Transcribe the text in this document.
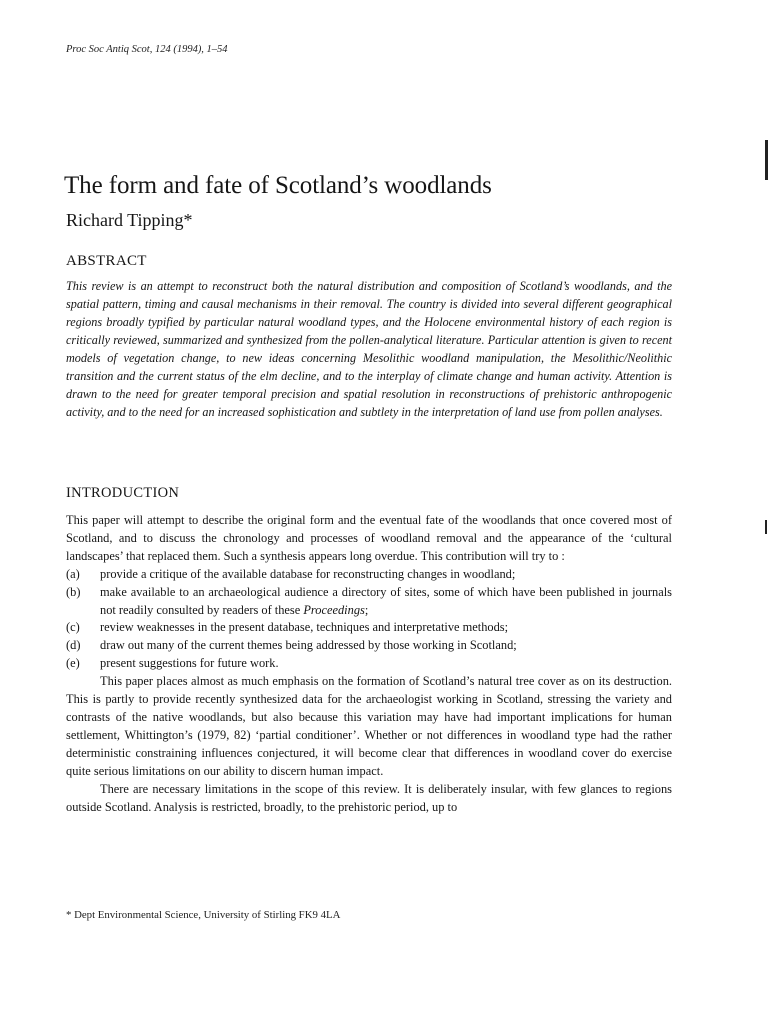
Proc Soc Antiq Scot, 124 (1994), 1–54
The form and fate of Scotland’s woodlands
Richard Tipping*
ABSTRACT

This review is an attempt to reconstruct both the natural distribution and composition of Scotland’s woodlands, and the spatial pattern, timing and causal mechanisms in their removal. The country is divided into several different geographical regions broadly typified by particular natural woodland types, and the Holocene environmental history of each region is critically reviewed, summarized and synthesized from the pollen-analytical literature. Particular attention is given to recent models of vegetation change, to new ideas concerning Mesolithic woodland manipulation, the Mesolithic/Neolithic transition and the current status of the elm decline, and to the interplay of climate change and human activity. Attention is drawn to the need for greater temporal precision and spatial resolution in reconstructions of prehistoric anthropogenic activity, and to the need for an increased sophistication and subtlety in the interpretation of land use from pollen analyses.

INTRODUCTION

This paper will attempt to describe the original form and the eventual fate of the woodlands that once covered most of Scotland, and to discuss the chronology and processes of woodland removal and the appearance of the ‘cultural landscapes’ that replaced them. Such a synthesis appears long overdue. This contribution will try to :

(a) provide a critique of the available database for reconstructing changes in woodland;
(b) make available to an archaeological audience a directory of sites, some of which have been published in journals not readily consulted by readers of these Proceedings;
(c) review weaknesses in the present database, techniques and interpretative methods;
(d) draw out many of the current themes being addressed by those working in Scotland;
(e) present suggestions for future work.

This paper places almost as much emphasis on the formation of Scotland’s natural tree cover as on its destruction. This is partly to provide recently synthesized data for the archaeologist working in Scotland, stressing the variety and contrasts of the native woodlands, but also because this variation may have had important implications for human settlement, Whittington’s (1979, 82) ‘partial conditioner’. Whether or not differences in woodland type had the rather deterministic constraining influences conjectured, it will become clear that differences in woodland cover do exercise quite serious limitations on our ability to discern human impact.

There are necessary limitations in the scope of this review. It is deliberately insular, with few glances to regions outside Scotland. Analysis is restricted, broadly, to the prehistoric period, up to

* Dept Environmental Science, University of Stirling FK9 4LA
